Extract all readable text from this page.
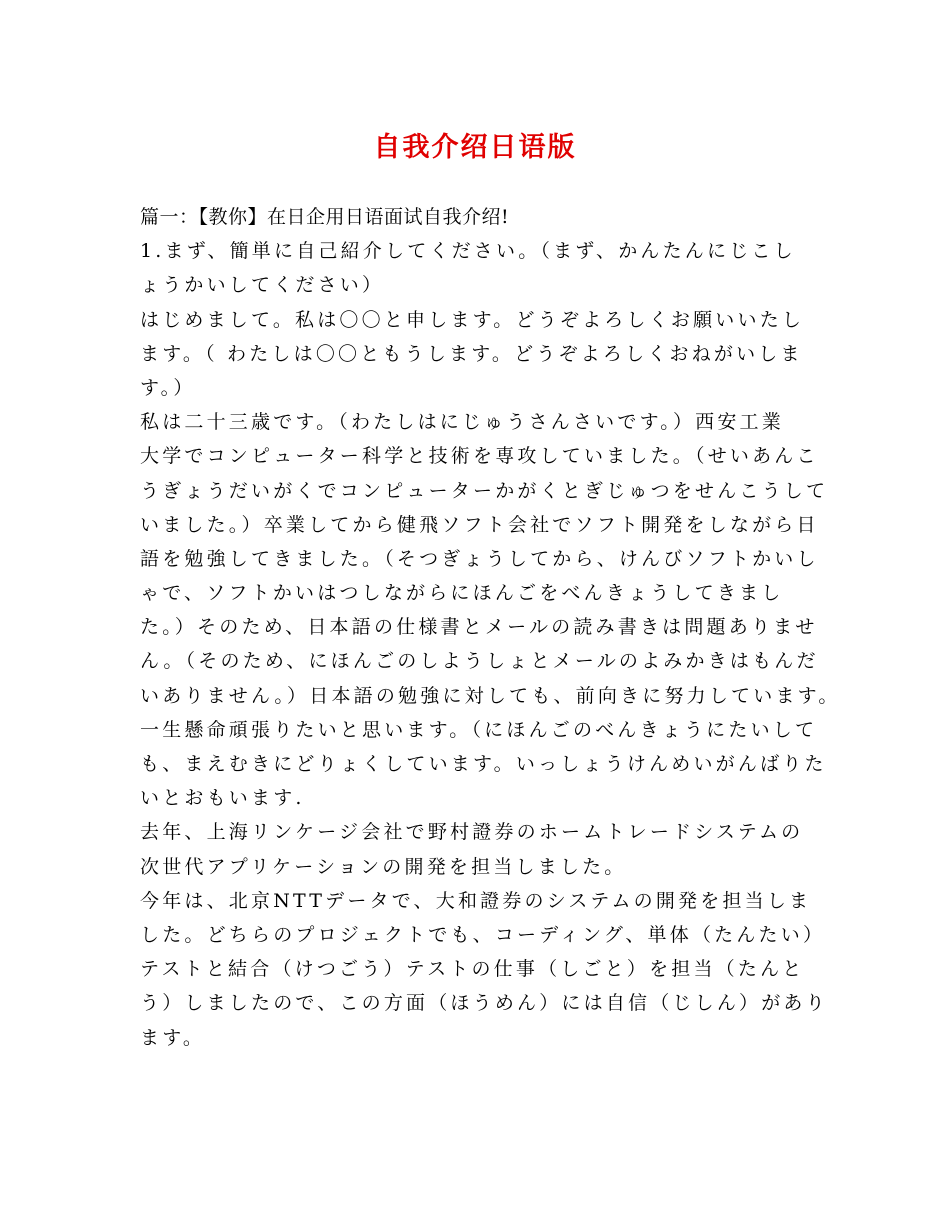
自我介绍日语版
篇一：【教你】在日企用日语面试自我介绍!
1.まず、簡単に自己紹介してください。（まず、かんたんにじこし
ょうかいしてください）
はじめまして。私は〇〇と申します。どうぞよろしくお願いいたし
ます。（ わたしは〇〇ともうします。どうぞよろしくおねがいしま
す。）
私は二十三歳です。（わたしはにじゅうさんさいです。）西安工業
大学でコンピューター科学と技術を専攻していました。（せいあんこ
うぎょうだいがくでコンピューターかがくとぎじゅつをせんこうして
いました。）卒業してから健飛ソフト会社でソフト開発をしながら日
語を勉強してきました。（そつぎょうしてから、けんびソフトかいし
ゃで、ソフトかいはつしながらにほんごをべんきょうしてきまし
た。）そのため、日本語の仕様書とメールの読み書きは問題ありませ
ん。（そのため、にほんごのしようしょとメールのよみかきはもんだ
いありません。）日本語の勉強に対しても、前向きに努力しています。
一生懸命頑張りたいと思います。（にほんごのべんきょうにたいして
も、まえむきにどりょくしています。いっしょうけんめいがんばりた
いとおもいます.
去年、上海リンケージ会社で野村證券のホームトレードシステムの
次世代アプリケーションの開発を担当しました。
今年は、北京NTTデータで、大和證券のシステムの開発を担当しま
した。どちらのプロジェクトでも、コーディング、単体（たんたい）
テストと結合（けつごう）テストの仕事（しごと）を担当（たんと
う）しましたので、この方面（ほうめん）には自信（じしん）があり
ます。
